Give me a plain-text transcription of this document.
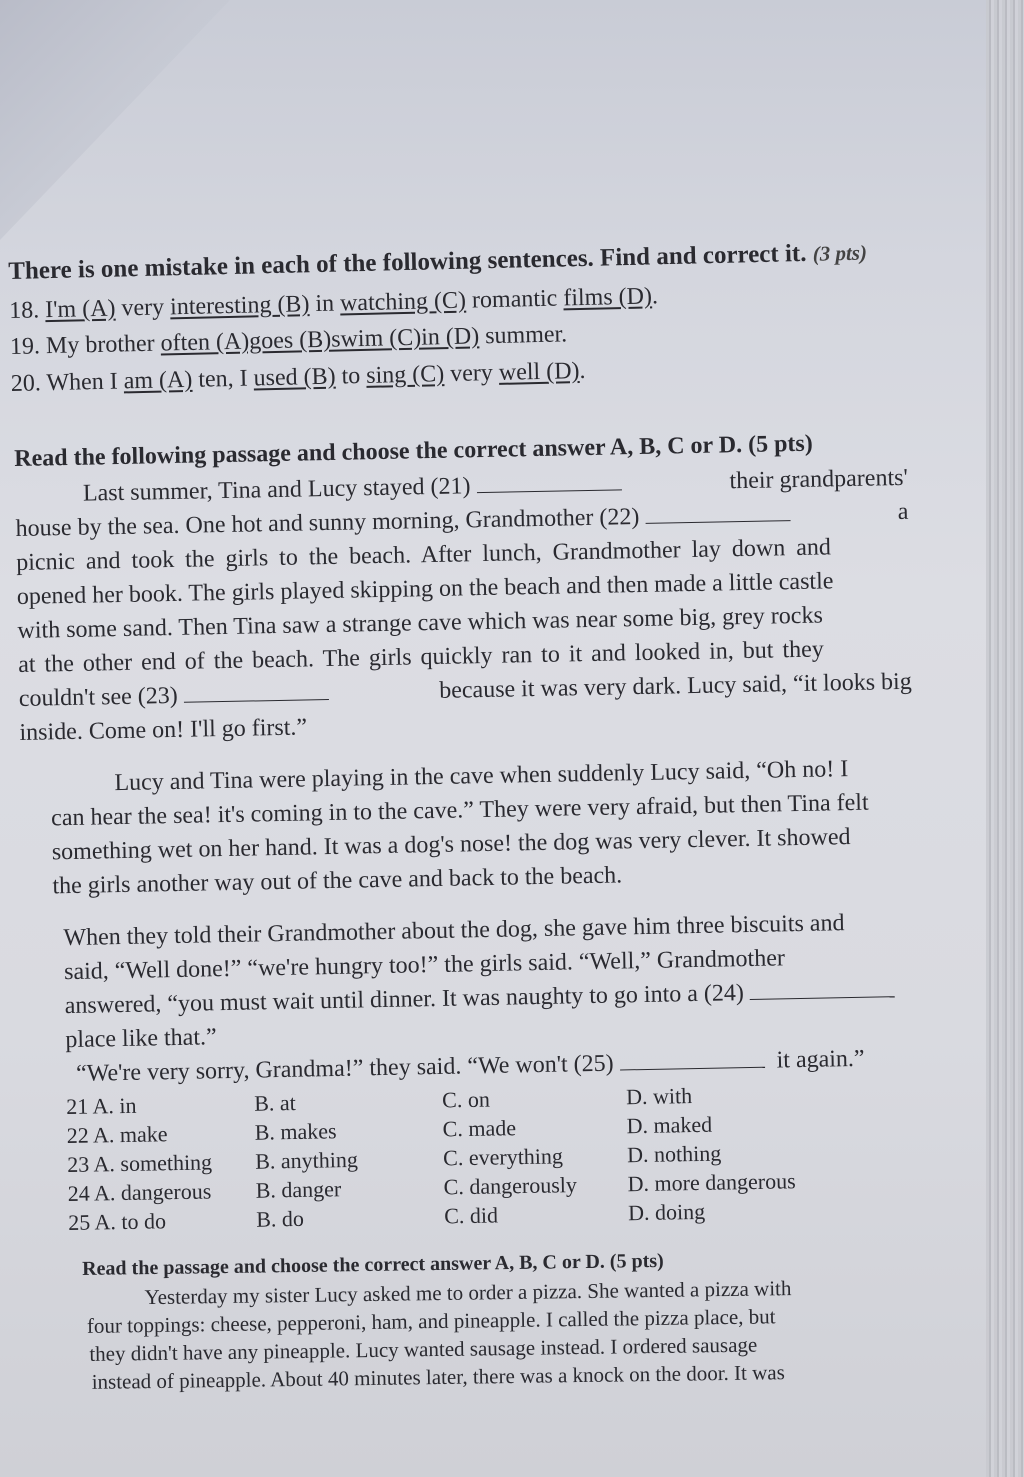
There is one mistake in each of the following sentences. Find and correct it. (3 pts)
18. I'm (A) very interesting (B) in watching (C) romantic films (D).
19. My brother often (A)goes (B)swim (C)in (D) summer.
20. When I am (A) ten, I used (B) to sing (C) very well (D).
Read the following passage and choose the correct answer A, B, C or D. (5 pts)
Last summer, Tina and Lucy stayed (21)	their grandparents'
house by the sea. One hot and sunny morning, Grandmother (22)	a
picnic and took the girls to the beach. After lunch, Grandmother lay down and
opened her book. The girls played skipping on the beach and then made a little castle
with some sand. Then Tina saw a strange cave which was near some big, grey rocks
at the other end of the beach. The girls quickly ran to it and looked in, but they
couldn't see (23)	because it was very dark. Lucy said, “it looks big
inside. Come on! I'll go first.”
Lucy and Tina were playing in the cave when suddenly Lucy said, “Oh no! I
can hear the sea! it's coming in to the cave.” They were very afraid, but then Tina felt
something wet on her hand. It was a dog's nose! the dog was very clever. It showed
the girls another way out of the cave and back to the beach.
When they told their Grandmother about the dog, she gave him three biscuits and
said, “Well done!” “we're hungry too!” the girls said. “Well,” Grandmother
answered, “you must wait until dinner. It was naughty to go into a (24)
place like that.”
“We're very sorry, Grandma!” they said. “We won't (25)	it again.”
21 A. in	B. at	C. on	D. with
22 A. make	B. makes	C. made	D. maked
23 A. something B. anything	C. everything	D. nothing
24 A. dangerous B. danger	C. dangerously D. more dangerous
25 A. to do	B. do	C. did	D. doing
Read the passage and choose the correct answer A, B, C or D. (5 pts)
Yesterday my sister Lucy asked me to order a pizza. She wanted a pizza with
four toppings: cheese, pepperoni, ham, and pineapple. I called the pizza place, but
they didn't have any pineapple. Lucy wanted sausage instead. I ordered sausage
instead of pineapple. About 40 minutes later, there was a knock on the door. It was
